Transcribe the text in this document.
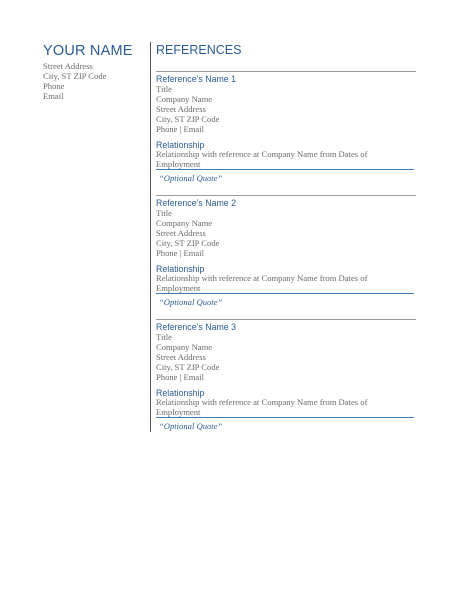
YOUR NAME
Street Address
City, ST ZIP Code
Phone
Email
REFERENCES
Reference’s Name 1
Title
Company Name
Street Address
City, ST ZIP Code
Phone | Email
Relationship
Relationship with reference at Company Name from Dates of Employment
“Optional Quote”
Reference’s Name 2
Title
Company Name
Street Address
City, ST ZIP Code
Phone | Email
Relationship
Relationship with reference at Company Name from Dates of Employment
“Optional Quote”
Reference’s Name 3
Title
Company Name
Street Address
City, ST ZIP Code
Phone | Email
Relationship
Relationship with reference at Company Name from Dates of Employment
“Optional Quote”
